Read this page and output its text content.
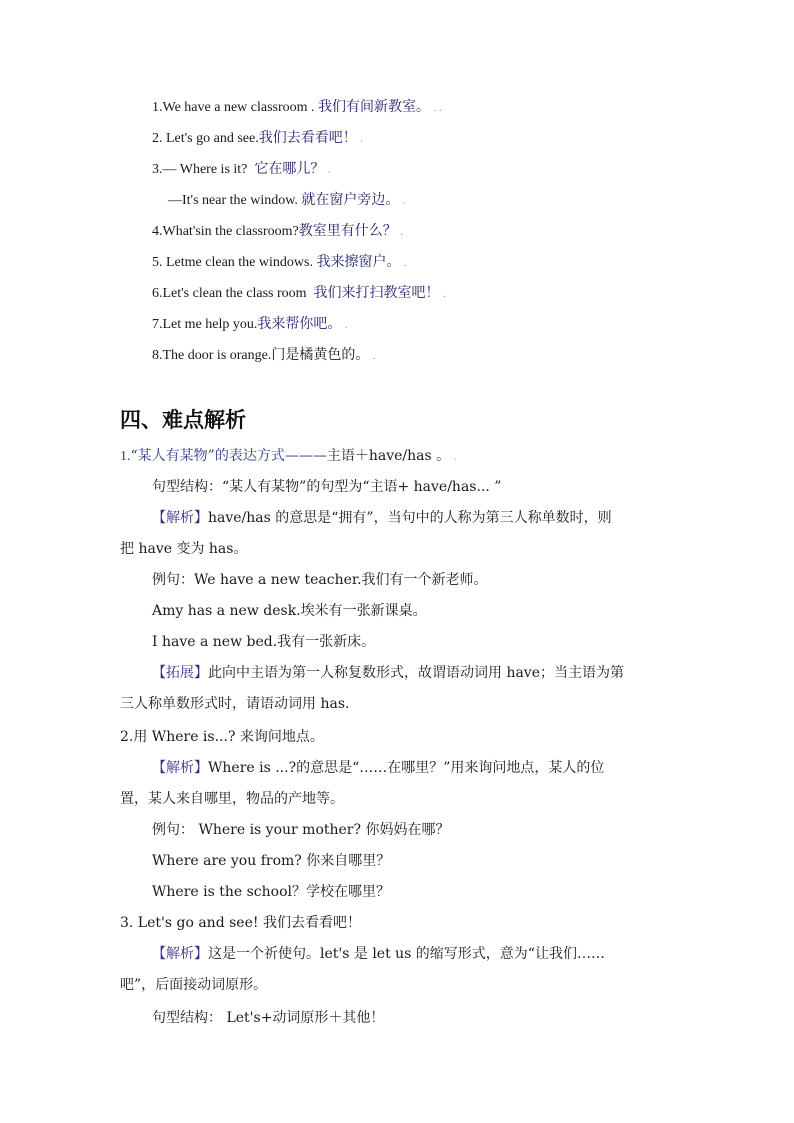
1.We have a new classroom . 我们有间新教室。 . .
2. Let's go and see.我们去看看吧！ .
3.— Where is it? 它在哪儿？ .
—It's near the window. 就在窗户旁边。 .
4.What'sin the classroom?教室里有什么？ .
5. Letme clean the windows. 我来擦窗户。 .
6.Let's clean the class room 我们来打扫教室吧！ .
7.Let me help you.我来帮你吧。 .
8.The door is orange.门是橘黄色的。 .
四、难点解析
1.“某人有某物”的表达方式———主语＋have/has 。 .
句型结构：“某人有某物”的句型为“主语+ have/has... ”
【解析】have/has 的意思是“拥有”，当句中的人称为第三人称单数时，则
把 have 变为 has。
例句：We have a new teacher.我们有一个新老师。
Amy has a new desk.埃米有一张新课桌。
I have a new bed.我有一张新床。
【拓展】此向中主语为第一人称复数形式，故谓语动词用 have；当主语为第
三人称单数形式时，请语动词用 has.
2.用 Where is...? 来询问地点。
【解析】Where is ...?的意思是“……在哪里？”用来询问地点，某人的位
置，某人来自哪里，物品的产地等。
例句： Where is your mother? 你妈妈在哪？
Where are you from? 你来自哪里？
Where is the school？学校在哪里？
3. Let's go and see! 我们去看看吧！
【解析】这是一个祈使句。let's 是 let us 的缩写形式，意为“让我们……
吧”，后面接动词原形。
句型结构： Let's+动词原形＋其他！
